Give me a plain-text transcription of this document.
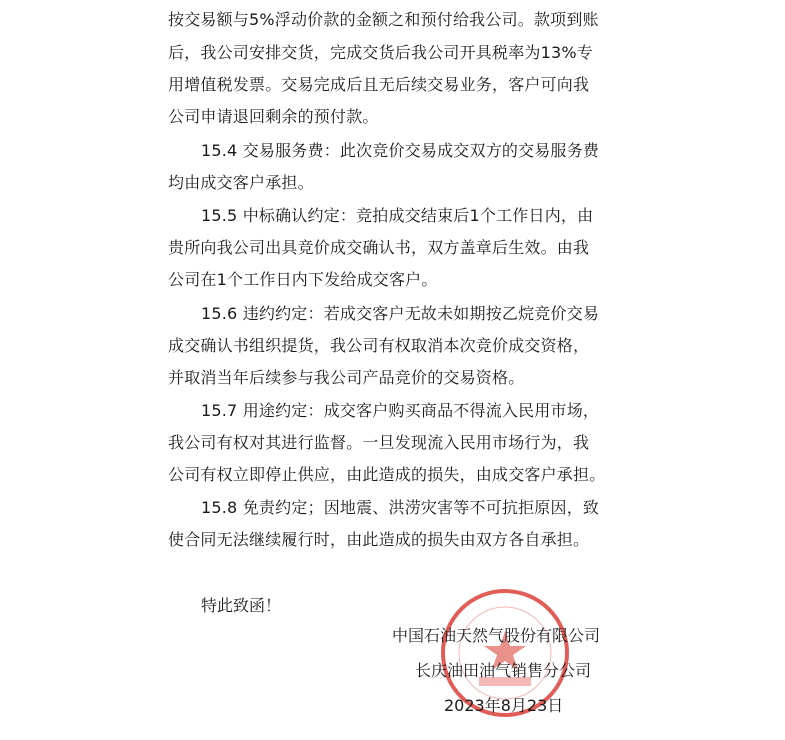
按交易额与5%浮动价款的金额之和预付给我公司。款项到账
后，我公司安排交货，完成交货后我公司开具税率为13%专
用增值税发票。交易完成后且无后续交易业务，客户可向我
公司申请退回剩余的预付款。
15.4 交易服务费：此次竞价交易成交双方的交易服务费
均由成交客户承担。
15.5 中标确认约定：竞拍成交结束后1个工作日内，由
贵所向我公司出具竞价成交确认书，双方盖章后生效。由我
公司在1个工作日内下发给成交客户。
15.6 违约约定：若成交客户无故未如期按乙烷竞价交易
成交确认书组织提货，我公司有权取消本次竞价成交资格，
并取消当年后续参与我公司产品竞价的交易资格。
15.7 用途约定：成交客户购买商品不得流入民用市场，
我公司有权对其进行监督。一旦发现流入民用市场行为，我
公司有权立即停止供应，由此造成的损失，由成交客户承担。
15.8 免责约定；因地震、洪涝灾害等不可抗拒原因，致
使合同无法继续履行时，由此造成的损失由双方各自承担。
特此致函！
中国石油天然气股份有限公司
长庆油田油气销售分公司
2023年8月23日
